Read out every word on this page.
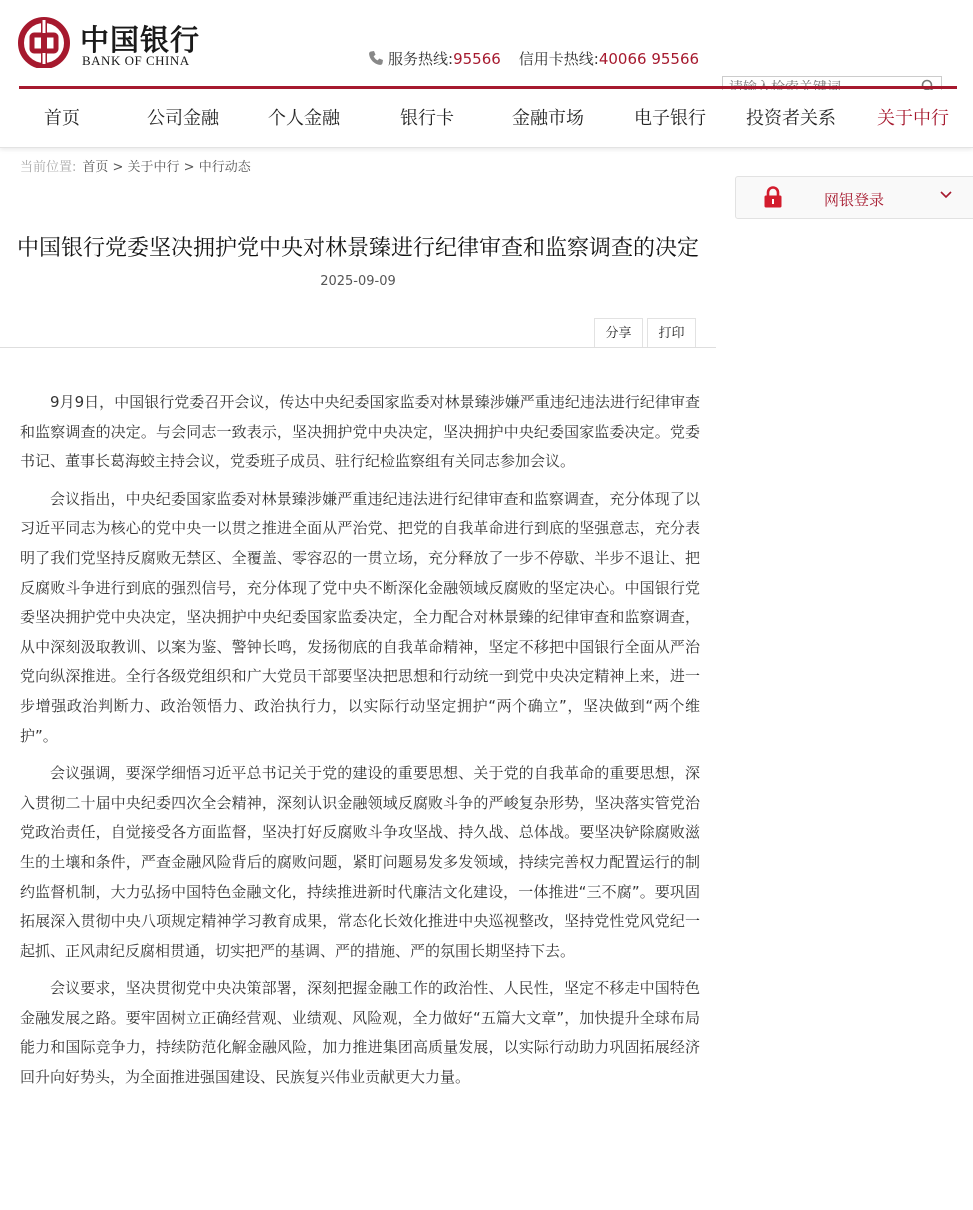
中国银行
BANK OF CHINA	服务热线:95566 信用卡热线:40066 95566
请输入检索关键词
首页	公司金融	个人金融	银行卡	金融市场	电子银行 投资者关系 关于中行
当前位置: 首页 > 关于中行 > 中行动态
网银登录
中国银行党委坚决拥护党中央对林景臻进行纪律审查和监察调查的决定
2025-09-09
分享	打印

9月9日，中国银行党委召开会议，传达中央纪委国家监委对林景臻涉嫌严重违纪违法进行纪律审查和监察调查的决定。与会同志一致表示，坚决拥护党中央决定，坚决拥护中央纪委国家监委决定。党委书记、董事长葛海蛟主持会议，党委班子成员、驻行纪检监察组有关同志参加会议。

会议指出，中央纪委国家监委对林景臻涉嫌严重违纪违法进行纪律审查和监察调查，充分体现了以习近平同志为核心的党中央一以贯之推进全面从严治党、把党的自我革命进行到底的坚强意志，充分表明了我们党坚持反腐败无禁区、全覆盖、零容忍的一贯立场，充分释放了一步不停歇、半步不退让、把反腐败斗争进行到底的强烈信号，充分体现了党中央不断深化金融领域反腐败的坚定决心。中国银行党委坚决拥护党中央决定，坚决拥护中央纪委国家监委决定，全力配合对林景臻的纪律审查和监察调查，从中深刻汲取教训、以案为鉴、警钟长鸣，发扬彻底的自我革命精神，坚定不移把中国银行全面从严治党向纵深推进。全行各级党组织和广大党员干部要坚决把思想和行动统一到党中央决定精神上来，进一步增强政治判断力、政治领悟力、政治执行力，以实际行动坚定拥护“两个确立”，坚决做到“两个维护”。

会议强调，要深学细悟习近平总书记关于党的建设的重要思想、关于党的自我革命的重要思想，深入贯彻二十届中央纪委四次全会精神，深刻认识金融领域反腐败斗争的严峻复杂形势，坚决落实管党治党政治责任，自觉接受各方面监督，坚决打好反腐败斗争攻坚战、持久战、总体战。要坚决铲除腐败滋生的土壤和条件，严查金融风险背后的腐败问题，紧盯问题易发多发领域，持续完善权力配置运行的制约监督机制，大力弘扬中国特色金融文化，持续推进新时代廉洁文化建设，一体推进“三不腐”。要巩固拓展深入贯彻中央八项规定精神学习教育成果，常态化长效化推进中央巡视整改，坚持党性党风党纪一起抓、正风肃纪反腐相贯通，切实把严的基调、严的措施、严的氛围长期坚持下去。

会议要求，坚决贯彻党中央决策部署，深刻把握金融工作的政治性、人民性，坚定不移走中国特色金融发展之路。要牢固树立正确经营观、业绩观、风险观，全力做好“五篇大文章”，加快提升全球布局能力和国际竞争力，持续防范化解金融风险，加力推进集团高质量发展，以实际行动助力巩固拓展经济回升向好势头，为全面推进强国建设、民族复兴伟业贡献更大力量。
